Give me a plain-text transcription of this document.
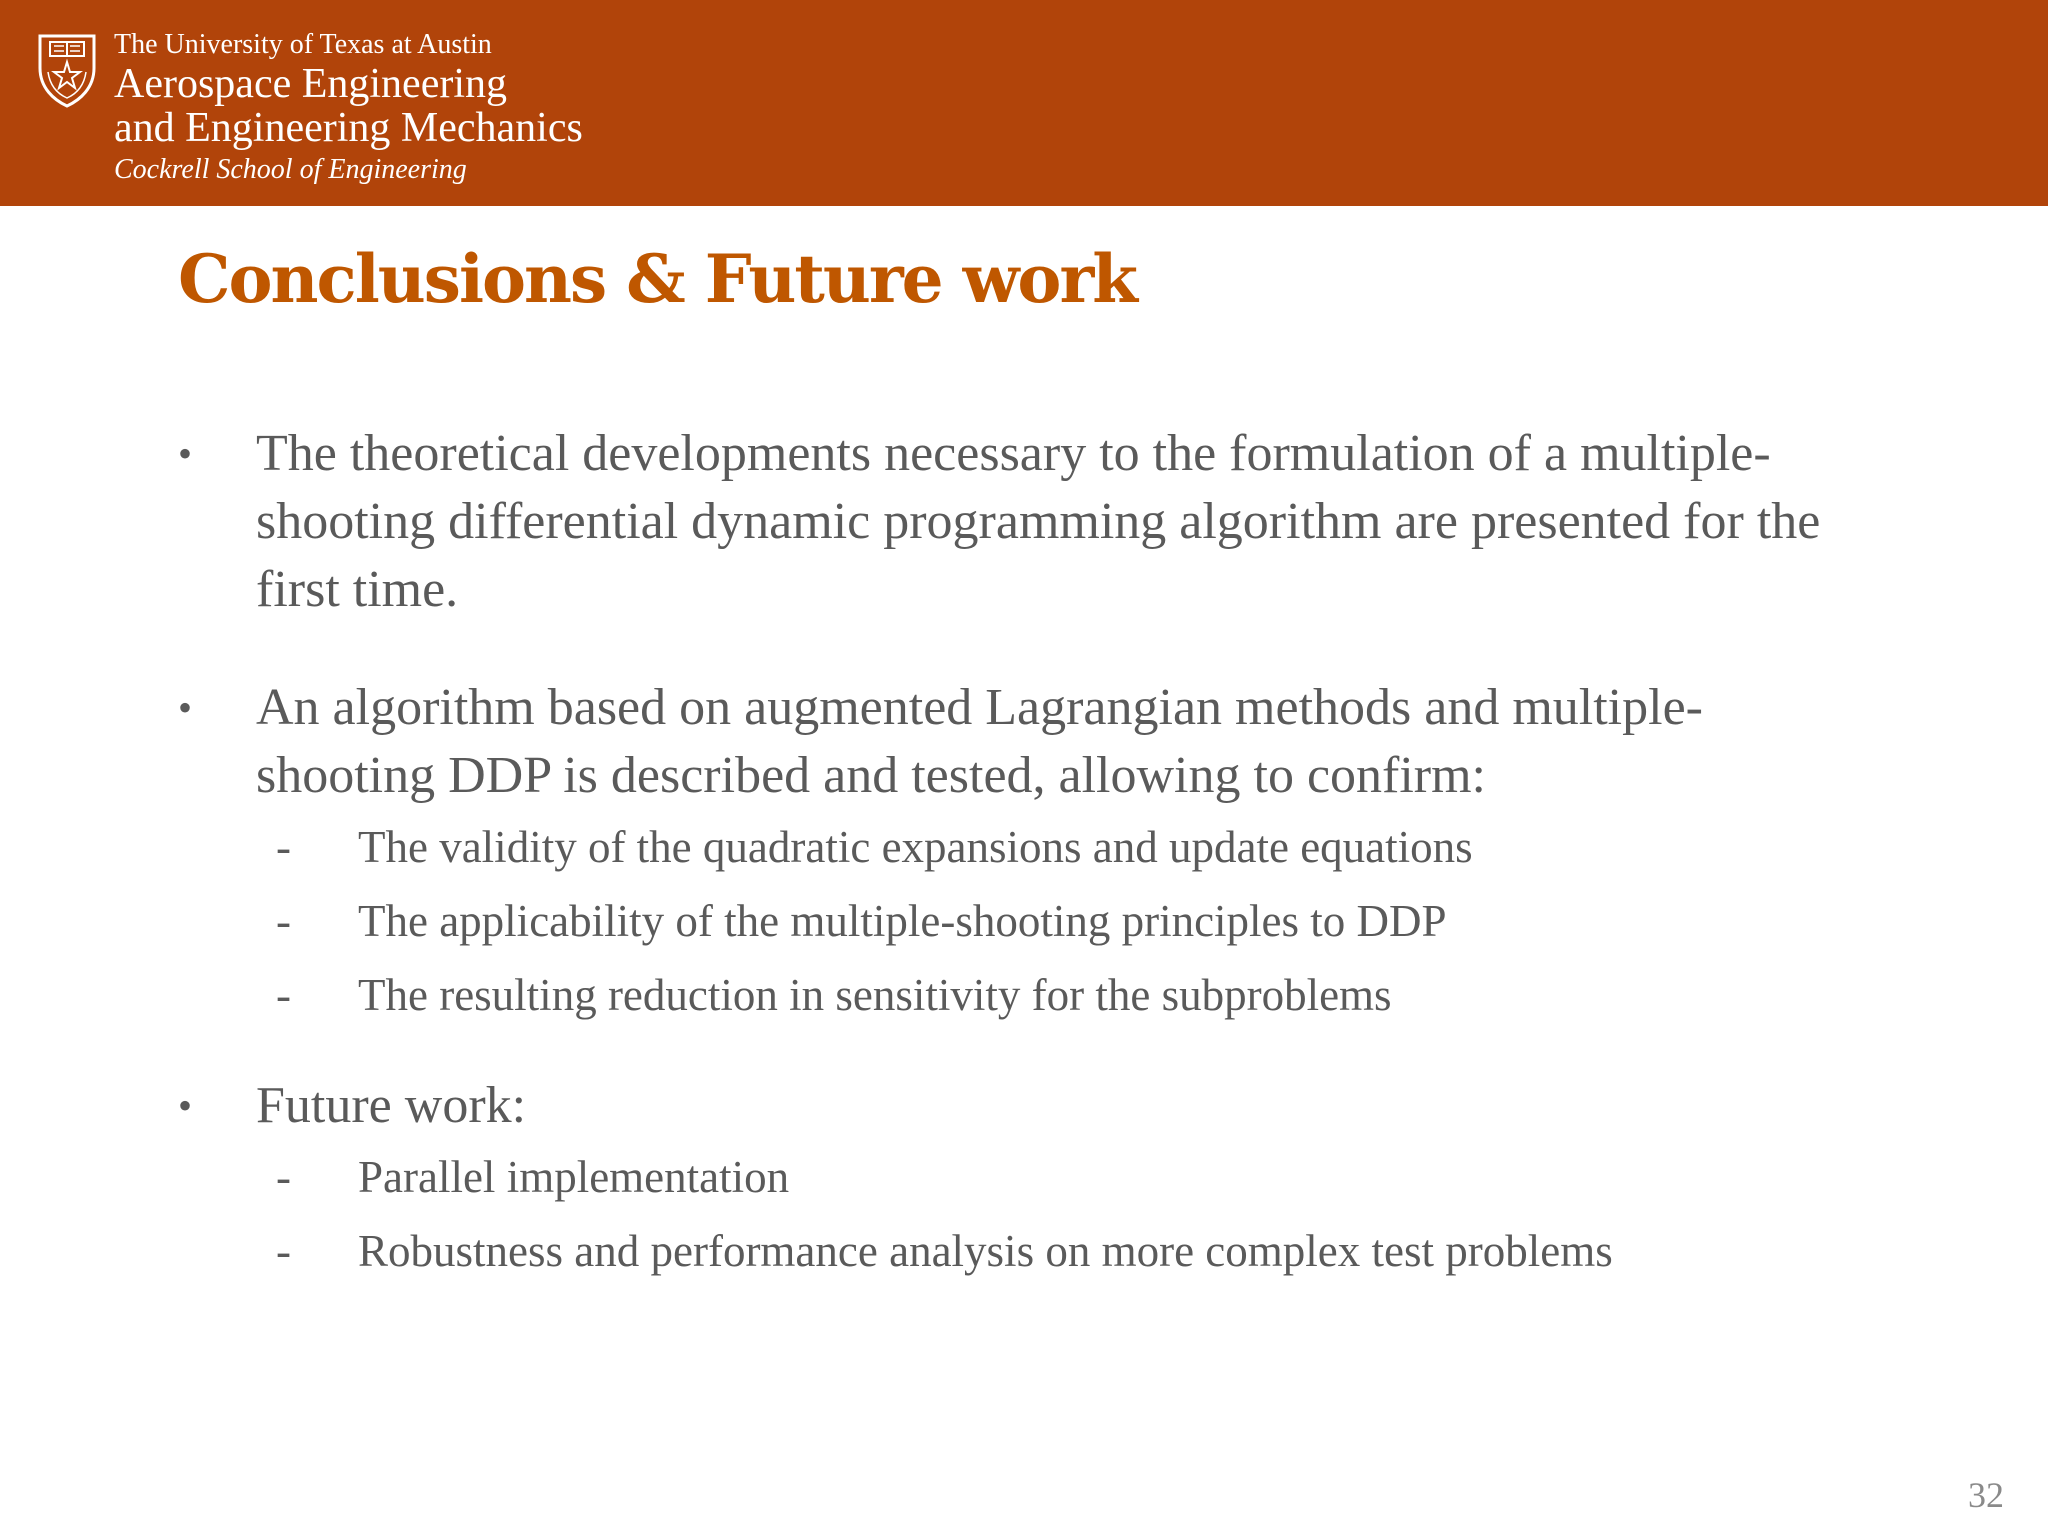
The University of Texas at Austin
Aerospace Engineering
and Engineering Mechanics
Cockrell School of Engineering
Conclusions & Future work
• The theoretical developments necessary to the formulation of a multiple-shooting differential dynamic programming algorithm are presented for the first time.
• An algorithm based on augmented Lagrangian methods and multiple-shooting DDP is described and tested, allowing to confirm:
- The validity of the quadratic expansions and update equations
- The applicability of the multiple-shooting principles to DDP
- The resulting reduction in sensitivity for the subproblems
• Future work:
- Parallel implementation
- Robustness and performance analysis on more complex test problems
32
